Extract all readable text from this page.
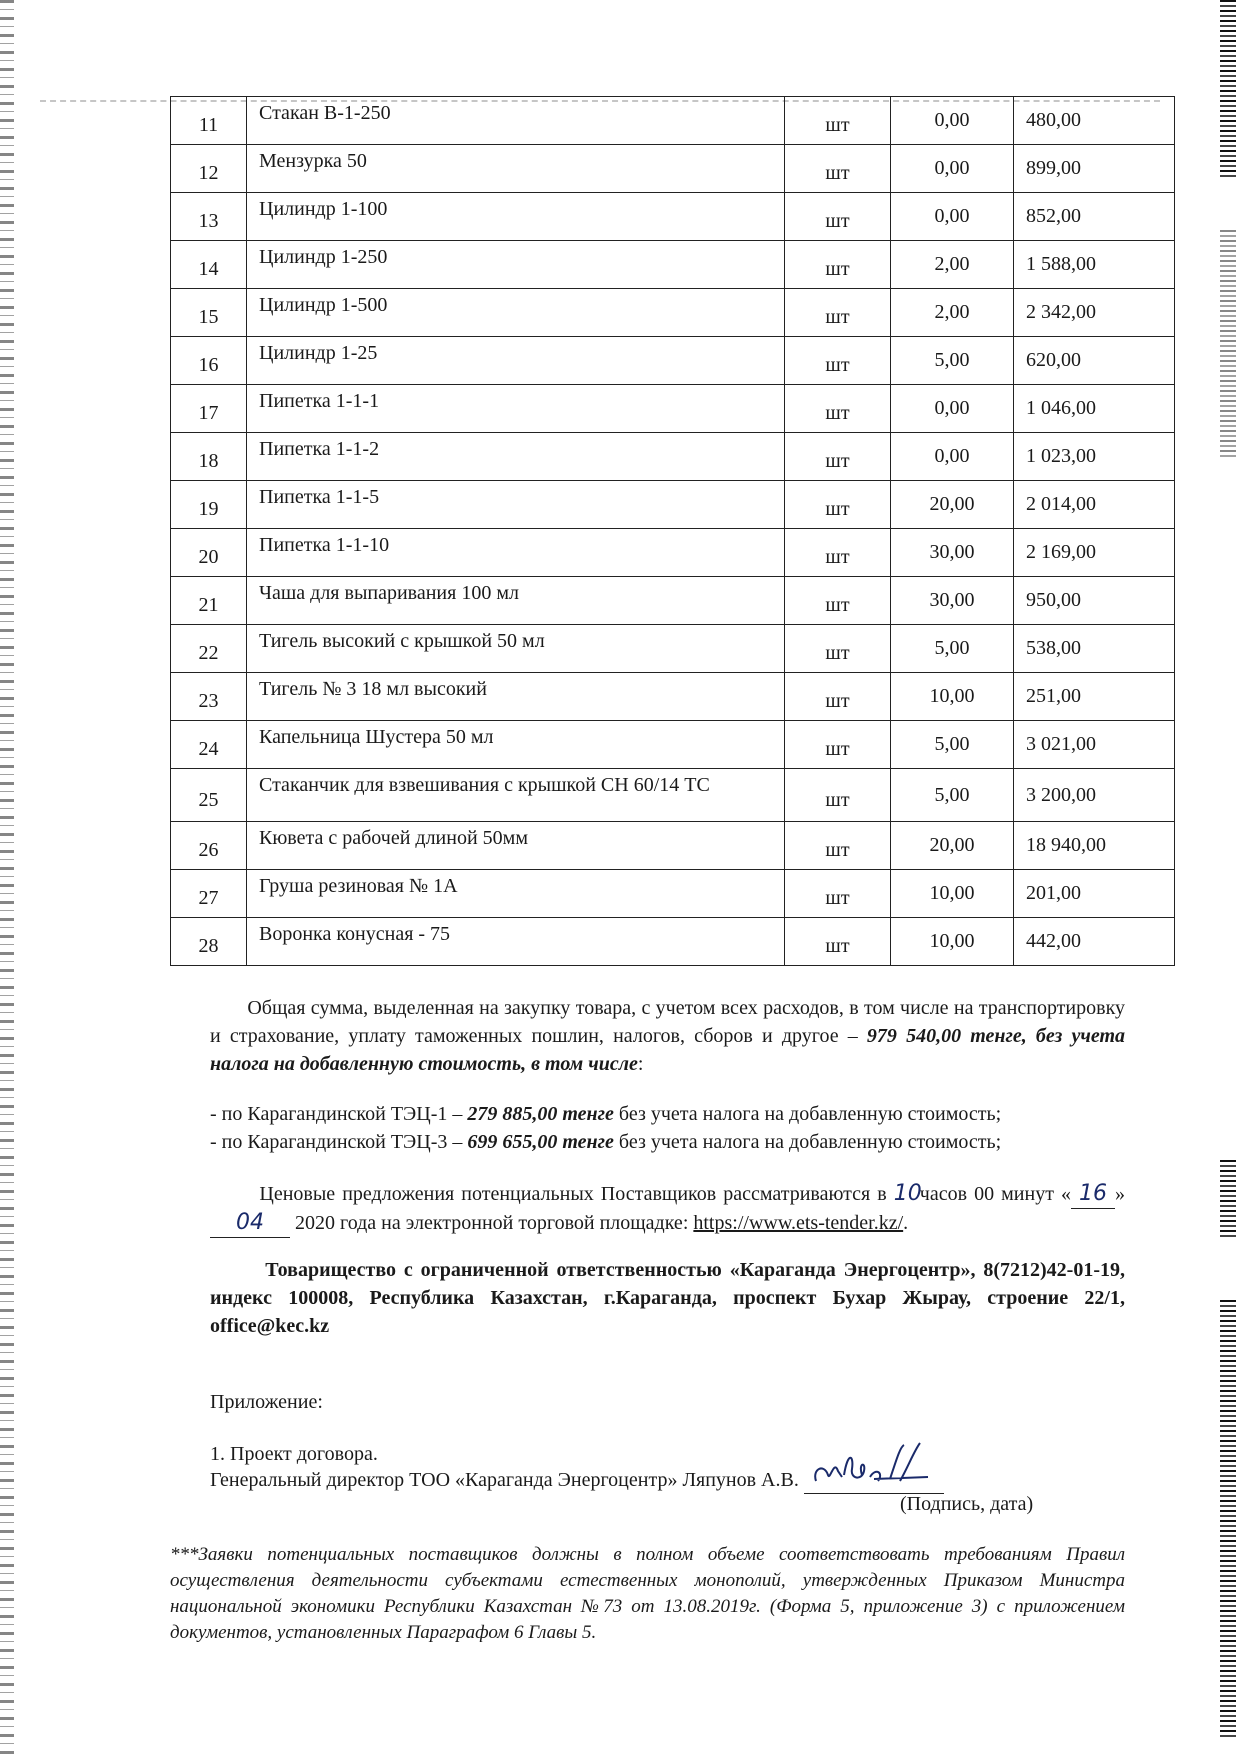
11	Стакан В-1-250	шт	0,00	480,00
12	Мензурка 50	шт	0,00	899,00
13	Цилиндр 1-100	шт	0,00	852,00
14	Цилиндр 1-250	шт	2,00	1 588,00
15	Цилиндр 1-500	шт	2,00	2 342,00
16	Цилиндр 1-25	шт	5,00	620,00
17	Пипетка 1-1-1	шт	0,00	1 046,00
18	Пипетка 1-1-2	шт	0,00	1 023,00
19	Пипетка 1-1-5	шт	20,00	2 014,00
20	Пипетка 1-1-10	шт	30,00	2 169,00
21	Чаша для выпаривания 100 мл	шт	30,00	950,00
22	Тигель высокий с крышкой 50 мл	шт	5,00	538,00
23	Тигель № 3 18 мл высокий	шт	10,00	251,00
24	Капельница Шустера 50 мл	шт	5,00	3 021,00
25	Стаканчик для взвешивания с крышкой СН 60/14 ТС	шт	5,00	3 200,00
26	Кювета с рабочей длиной 50мм	шт	20,00	18 940,00
27	Груша резиновая № 1А	шт	10,00	201,00
28	Воронка конусная - 75	шт	10,00	442,00
Общая сумма, выделенная на закупку товара, с учетом всех расходов, в том числе на транспортировку и страхование, уплату таможенных пошлин, налогов, сборов и другое – 979 540,00 тенге, без учета налога на добавленную стоимость, в том числе:
- по Карагандинской ТЭЦ-1 – 279 885,00 тенге без учета налога на добавленную стоимость;
- по Карагандинской ТЭЦ-3 – 699 655,00 тенге без учета налога на добавленную стоимость;
Ценовые предложения потенциальных Поставщиков рассматриваются в 10часов 00 минут « 16 » 04 2020 года на электронной торговой площадке: https://www.ets-tender.kz/.
Товарищество с ограниченной ответственностью «Караганда Энергоцентр», 8(7212)42-01-19, индекс 100008, Республика Казахстан, г.Караганда, проспект Бухар Жырау, строение 22/1, office@kec.kz
Приложение:
1. Проект договора.
Генеральный директор ТОО «Караганда Энергоцентр» Ляпунов А.В.
(Подпись, дата)
***Заявки потенциальных поставщиков должны в полном объеме соответствовать требованиям Правил осуществления деятельности субъектами естественных монополий, утвержденных Приказом Министра национальной экономики Республики Казахстан №73 от 13.08.2019г. (Форма 5, приложение 3) с приложением документов, установленных Параграфом 6 Главы 5.
